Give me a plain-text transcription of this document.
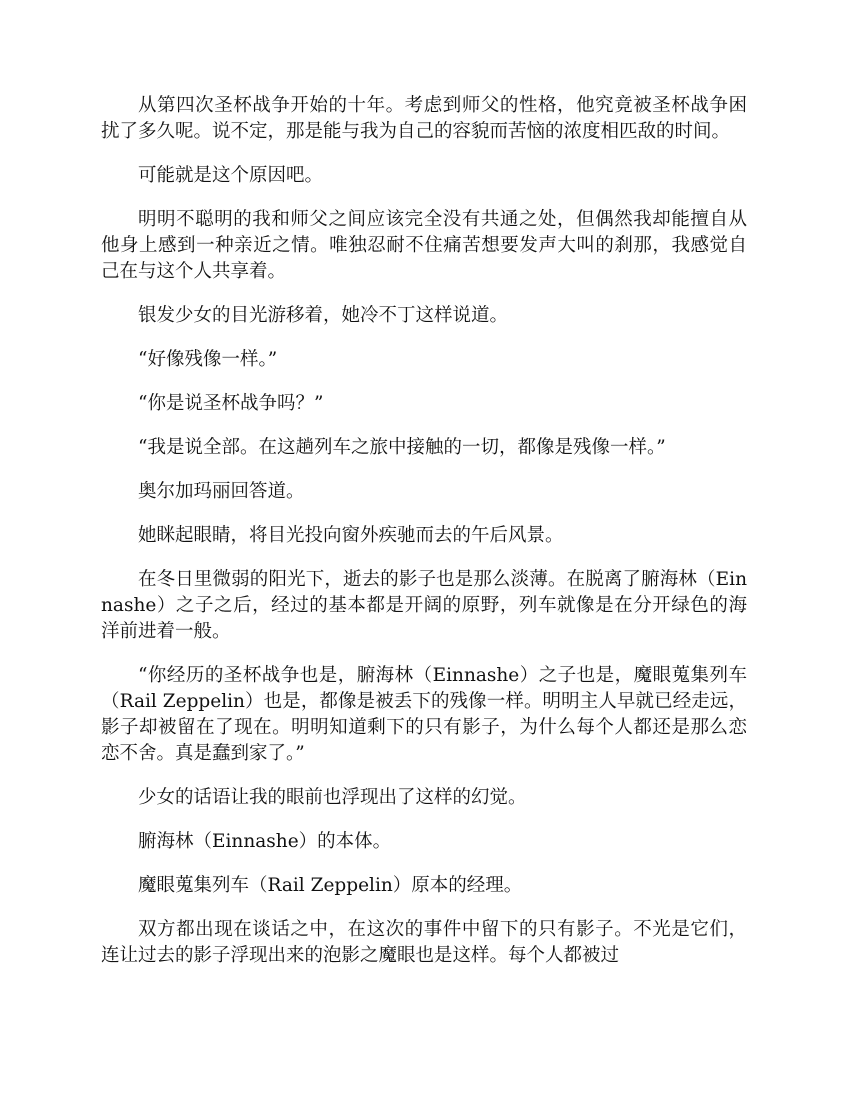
从第四次圣杯战争开始的十年。考虑到师父的性格，他究竟被圣杯战争困扰了多久呢。说不定，那是能与我为自己的容貌而苦恼的浓度相匹敌的时间。

可能就是这个原因吧。

明明不聪明的我和师父之间应该完全没有共通之处，但偶然我却能擅自从他身上感到一种亲近之情。唯独忍耐不住痛苦想要发声大叫的刹那，我感觉自己在与这个人共享着。

银发少女的目光游移着，她冷不丁这样说道。

“好像残像一样。”

“你是说圣杯战争吗？”

“我是说全部。在这趟列车之旅中接触的一切，都像是残像一样。”

奥尔加玛丽回答道。

她眯起眼睛，将目光投向窗外疾驰而去的午后风景。

在冬日里微弱的阳光下，逝去的影子也是那么淡薄。在脱离了腑海林（Einnashe）之子之后，经过的基本都是开阔的原野，列车就像是在分开绿色的海洋前进着一般。

“你经历的圣杯战争也是，腑海林（Einnashe）之子也是，魔眼蒐集列车（Rail Zeppelin）也是，都像是被丢下的残像一样。明明主人早就已经走远，影子却被留在了现在。明明知道剩下的只有影子，为什么每个人都还是那么恋恋不舍。真是蠢到家了。”

少女的话语让我的眼前也浮现出了这样的幻觉。

腑海林（Einnashe）的本体。

魔眼蒐集列车（Rail Zeppelin）原本的经理。

双方都出现在谈话之中，在这次的事件中留下的只有影子。不光是它们，连让过去的影子浮现出来的泡影之魔眼也是这样。每个人都被过
